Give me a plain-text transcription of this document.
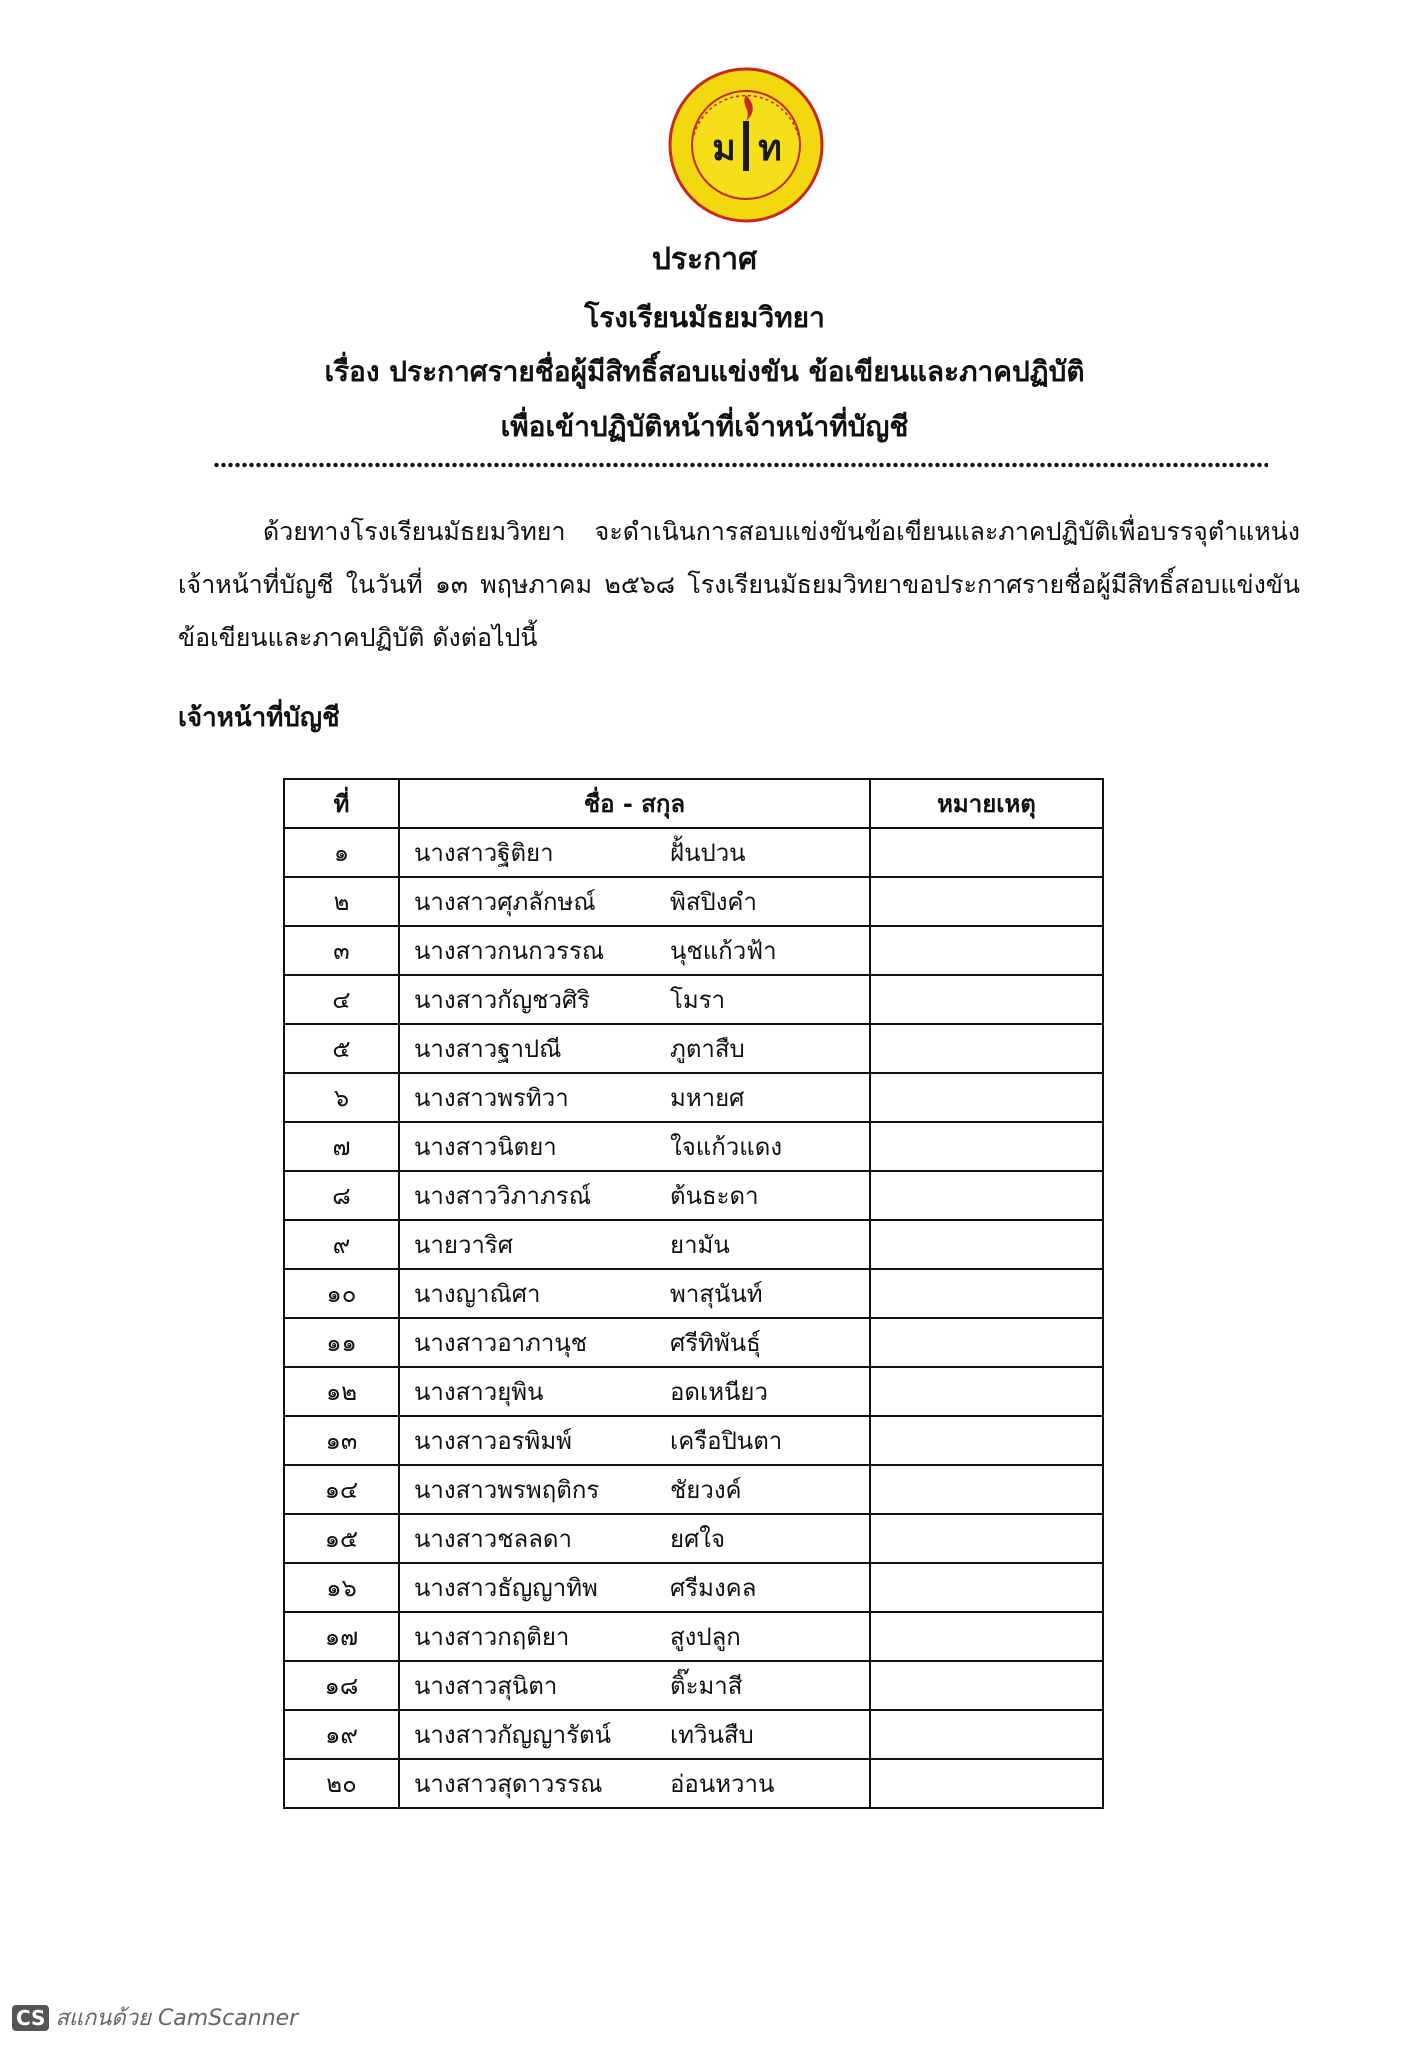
ม ท
ประกาศ
โรงเรียนมัธยมวิทยา
เรื่อง ประกาศรายชื่อผู้มีสิทธิ์สอบแข่งขัน ข้อเขียนและภาคปฏิบัติ
เพื่อเข้าปฏิบัติหน้าที่เจ้าหน้าที่บัญชี
ด้วยทางโรงเรียนมัธยมวิทยา จะดำเนินการสอบแข่งขันข้อเขียนและภาคปฏิบัติเพื่อบรรจุตำแหน่งเจ้าหน้าที่บัญชี ในวันที่ ๑๓ พฤษภาคม ๒๕๖๘ โรงเรียนมัธยมวิทยาขอประกาศรายชื่อผู้มีสิทธิ์สอบแข่งขันข้อเขียนและภาคปฏิบัติ ดังต่อไปนี้
เจ้าหน้าที่บัญชี
ที่	ชื่อ - สกุล	หมายเหตุ
๑	นางสาวฐิติยา ฝั้นปวน	

๒	นางสาวศุภลักษณ์ พิสปิงคำ	

๓	นางสาวกนกวรรณ นุชแก้วฟ้า	

๔	นางสาวกัญชวศิริ โมรา	

๕	นางสาวฐาปณี ภูตาสืบ	

๖	นางสาวพรทิวา มหายศ	

๗	นางสาวนิตยา ใจแก้วแดง	

๘	นางสาววิภาภรณ์ ต้นธะดา	

๙	นายวาริศ ยามัน	

๑๐	นางญาณิศา พาสุนันท์	

๑๑	นางสาวอาภานุช ศรีทิพันธุ์	

๑๒	นางสาวยุพิน อดเหนียว	

๑๓	นางสาวอรพิมพ์ เครือปินตา	

๑๔	นางสาวพรพฤติกร ชัยวงค์	

๑๕	นางสาวชลลดา ยศใจ	

๑๖	นางสาวธัญญาทิพ ศรีมงคล	

๑๗	นางสาวกฤติยา สูงปลูก	

๑๘	นางสาวสุนิตา ติ๊ะมาสี	

๑๙	นางสาวกัญญารัตน์ เทวินสืบ	

๒๐	นางสาวสุดาวรรณ อ่อนหวาน	

CS สแกนด้วย CamScanner
